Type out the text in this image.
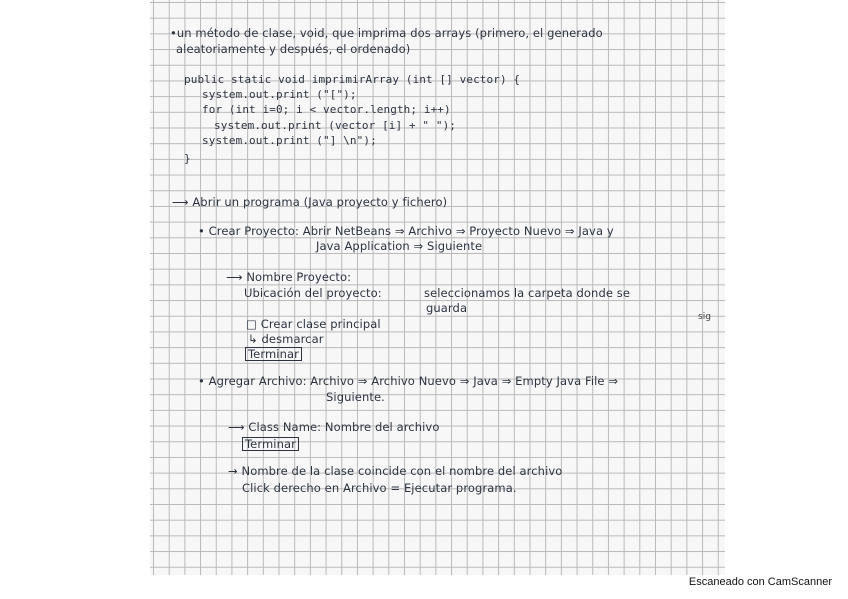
•un método de clase, void, que imprima dos arrays (primero, el generado
aleatoriamente y después, el ordenado)
public static void imprimirArray (int [] vector) {
system.out.print ("[");
for (int i=0; i < vector.length; i++)
system.out.print (vector [i] + " ");
system.out.print ("] \n");
}
⟶ Abrir un programa (Java proyecto y fichero)
• Crear Proyecto: Abrir NetBeans ⇒ Archivo ⇒ Proyecto Nuevo ⇒ Java y
Java Application ⇒ Siguiente
⟶ Nombre Proyecto:
Ubicación del proyecto:	seleccionamos la carpeta donde se
guarda
□ Crear clase principal
↳ desmarcar
Terminar
• Agregar Archivo: Archivo ⇒ Archivo Nuevo ⇒ Java ⇒ Empty Java File ⇒
Siguiente.
⟶ Class Name: Nombre del archivo
Terminar
→ Nombre de la clase coincide con el nombre del archivo
Click derecho en Archivo = Ejecutar programa.
sig
Escaneado con CamScanner
